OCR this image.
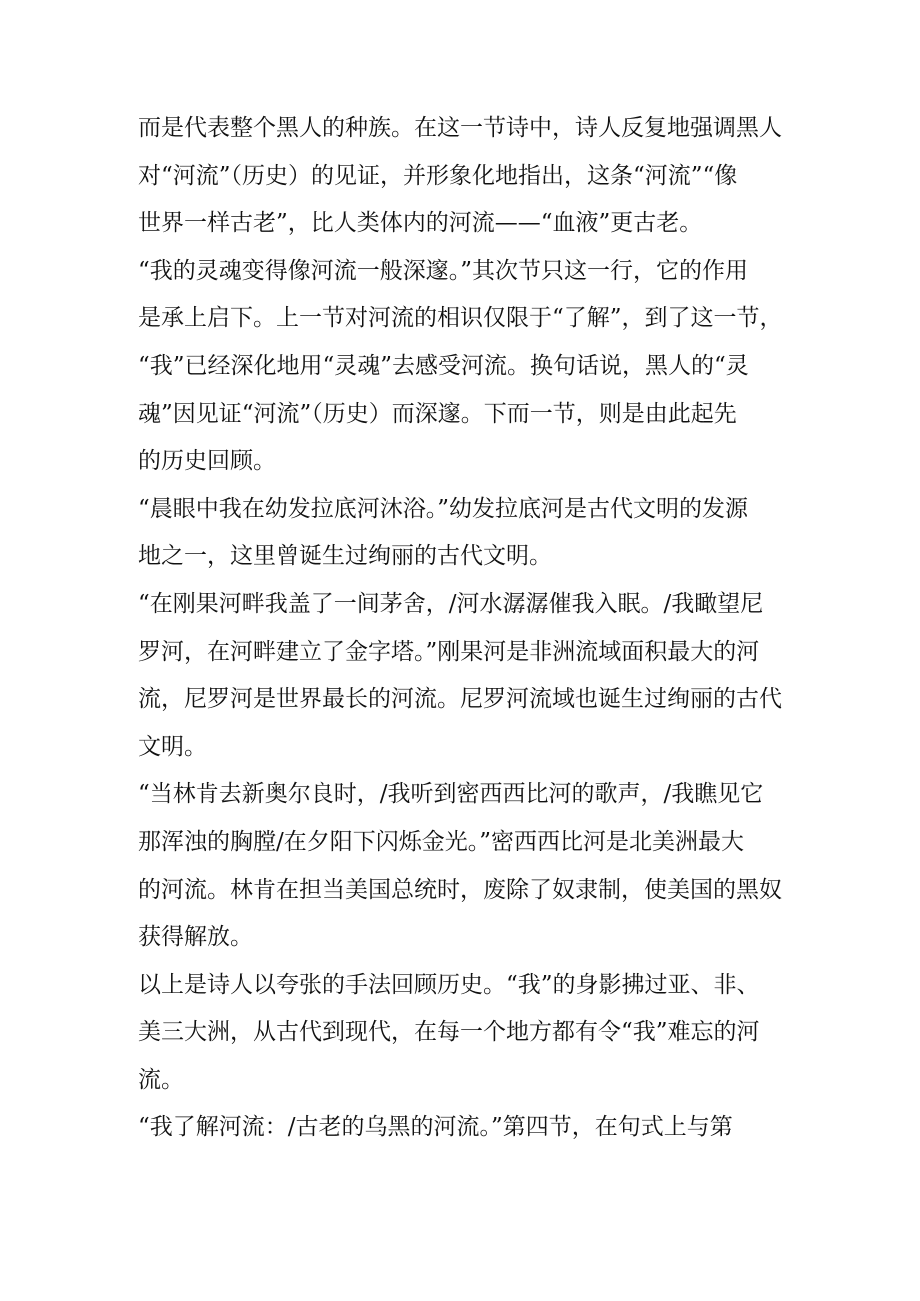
而是代表整个黑人的种族。在这一节诗中，诗人反复地强调黑人
对“河流”（历史）的见证，并形象化地指出，这条“河流”“像
世界一样古老”，比人类体内的河流——“血液”更古老。
“我的灵魂变得像河流一般深邃。”其次节只这一行，它的作用
是承上启下。上一节对河流的相识仅限于“了解”，到了这一节，
“我”已经深化地用“灵魂”去感受河流。换句话说，黑人的“灵
魂”因见证“河流”（历史）而深邃。下而一节，则是由此起先
的历史回顾。
“晨眼中我在幼发拉底河沐浴。”幼发拉底河是古代文明的发源
地之一，这里曾诞生过绚丽的古代文明。
“在刚果河畔我盖了一间茅舍，/河水潺潺催我入眠。/我瞰望尼
罗河，在河畔建立了金字塔。”刚果河是非洲流域面积最大的河
流，尼罗河是世界最长的河流。尼罗河流域也诞生过绚丽的古代
文明。
“当林肯去新奥尔良时，/我听到密西西比河的歌声，/我瞧见它
那浑浊的胸膛/在夕阳下闪烁金光。”密西西比河是北美洲最大
的河流。林肯在担当美国总统时，废除了奴隶制，使美国的黑奴
获得解放。
以上是诗人以夸张的手法回顾历史。“我”的身影拂过亚、非、
美三大洲，从古代到现代，在每一个地方都有令“我”难忘的河
流。
“我了解河流：/古老的乌黑的河流。”第四节，在句式上与第
